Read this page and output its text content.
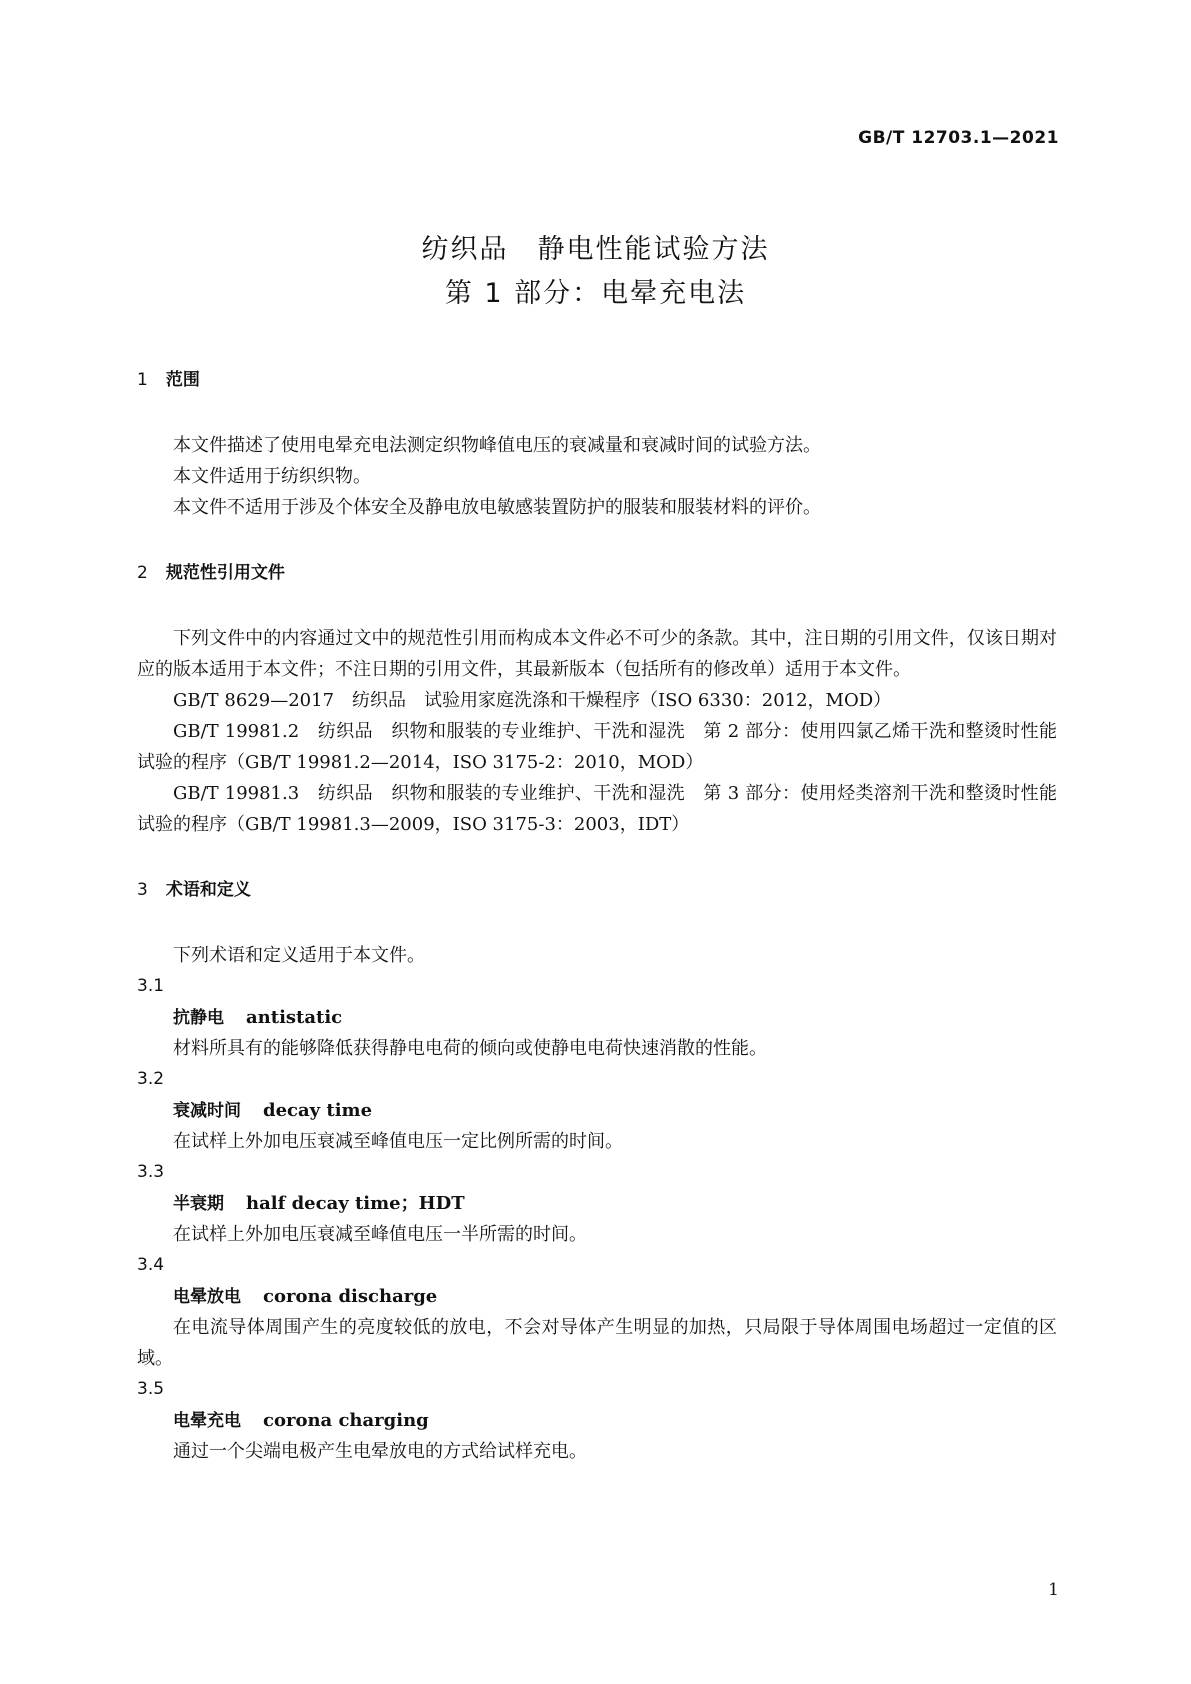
GB/T 12703.1—2021
纺织品　静电性能试验方法
第 1 部分：电晕充电法
1 范围

本文件描述了使用电晕充电法测定织物峰值电压的衰减量和衰减时间的试验方法。

本文件适用于纺织织物。

本文件不适用于涉及个体安全及静电放电敏感装置防护的服装和服装材料的评价。

2 规范性引用文件

下列文件中的内容通过文中的规范性引用而构成本文件必不可少的条款。其中，注日期的引用文件，仅该日期对应的版本适用于本文件；不注日期的引用文件，其最新版本（包括所有的修改单）适用于本文件。

GB/T 8629—2017　纺织品　试验用家庭洗涤和干燥程序（ISO 6330：2012，MOD）

GB/T 19981.2　纺织品　织物和服装的专业维护、干洗和湿洗　第 2 部分：使用四氯乙烯干洗和整烫时性能试验的程序（GB/T 19981.2—2014，ISO 3175-2：2010，MOD）

GB/T 19981.3　纺织品　织物和服装的专业维护、干洗和湿洗　第 3 部分：使用烃类溶剂干洗和整烫时性能试验的程序（GB/T 19981.3—2009，ISO 3175-3：2003，IDT）

3 术语和定义

下列术语和定义适用于本文件。

3.1
抗静电 antistatic

材料所具有的能够降低获得静电电荷的倾向或使静电电荷快速消散的性能。

3.2
衰减时间 decay time

在试样上外加电压衰减至峰值电压一定比例所需的时间。

3.3
半衰期 half decay time；HDT

在试样上外加电压衰减至峰值电压一半所需的时间。

3.4
电晕放电 corona discharge

在电流导体周围产生的亮度较低的放电，不会对导体产生明显的加热，只局限于导体周围电场超过一定值的区域。

3.5
电晕充电 corona charging

通过一个尖端电极产生电晕放电的方式给试样充电。

1
